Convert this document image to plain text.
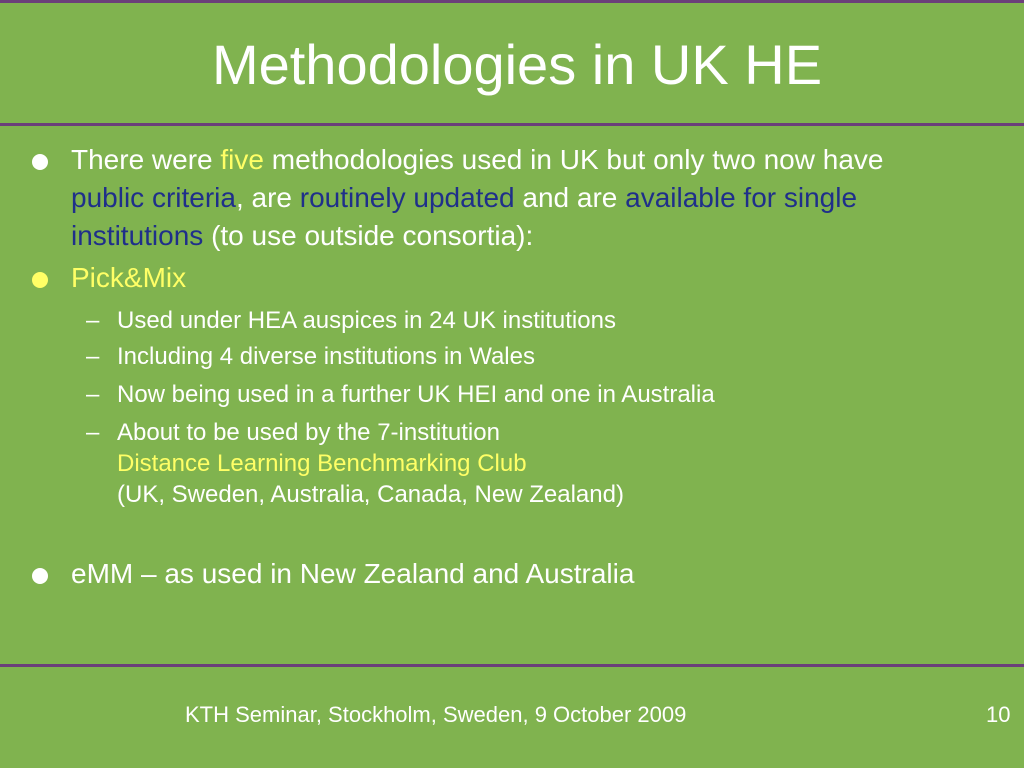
Methodologies in UK HE
There were five methodologies used in UK but only two now have public criteria, are routinely updated and are available for single institutions (to use outside consortia):
Pick&Mix
– Used under HEA auspices in 24 UK institutions
– Including 4 diverse institutions in Wales
– Now being used in a further UK HEI and one in Australia
– About to be used by the 7-institution
Distance Learning Benchmarking Club
(UK, Sweden, Australia, Canada, New Zealand)
eMM – as used in New Zealand and Australia
KTH Seminar, Stockholm, Sweden, 9 October 2009	10
